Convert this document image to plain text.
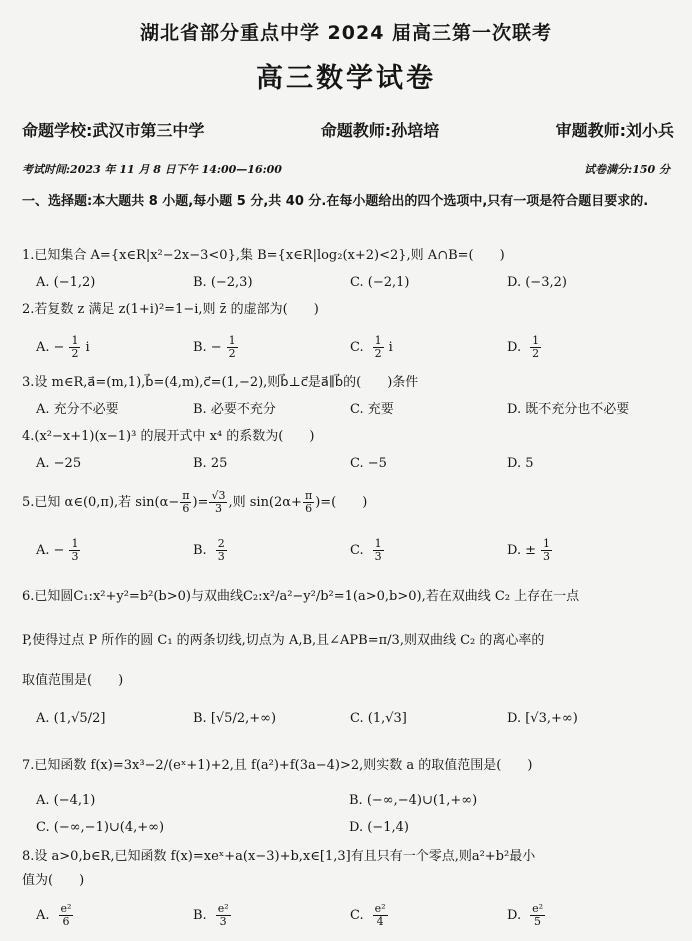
湖北省部分重点中学 2024 届高三第一次联考
高三数学试卷
命题学校:武汉市第三中学	命题教师:孙培培	审题教师:刘小兵
考试时间:2023 年 11 月 8 日下午 14:00—16:00	试卷满分:150 分
一、选择题:本大题共 8 小题,每小题 5 分,共 40 分.在每小题给出的四个选项中,只有一项是符合题目要求的.
1.已知集合 A={x∈R|x²−2x−3<0},集 B={x∈R|log₂(x+2)<2},则 A∩B=(　　)
A. (−1,2)	B. (−2,3)	C. (−2,1)	D. (−3,2)
2.若复数 z 满足 z(1+i)²=1−i,则 z̄ 的虚部为(　　)
A. − $\frac{1}{2}$ i	B. − $\frac{1}{2}$	C. $\frac{1}{2}$ i	D. $\frac{1}{2}$
3.设 m∈R,a⃗=(m,1),b⃗=(4,m),c⃗=(1,−2),则b⃗⊥c⃗是a⃗∥b⃗的(　　)条件
A. 充分不必要	B. 必要不充分	C. 充要	D. 既不充分也不必要
4.(x²−x+1)(x−1)³ 的展开式中 x⁴ 的系数为(　　)
A. −25	B. 25	C. −5	D. 5
5.已知 α∈(0,π),若 $\sin(\alpha- \frac{\pi}{6}$ )= $\frac{√3}{3}$ ,则 $\sin(2\alpha+ \frac{\pi}{6}$ )=(　　)
A. − $\frac{1}{3}$	B. $\frac{2}{3}$	C. $\frac{1}{3}$	D. ± $\frac{1}{3}$
6.已知圆C₁:x²+y²=b²(b>0)与双曲线C₂:x²/a²−y²/b²=1(a>0,b>0),若在双曲线 C₂ 上存在一点
P,使得过点 P 所作的圆 C₁ 的两条切线,切点为 A,B,且∠APB=π/3,则双曲线 C₂ 的离心率的
取值范围是(　　)
A. (1,√5/2]	B. [√5/2,+∞)	C. (1,√3]	D. [√3,+∞)
7.已知函数 f(x)=3x³−2/(eˣ+1)+2,且 f(a²)+f(3a−4)>2,则实数 a 的取值范围是(　　)
A. (−4,1)	B. (−∞,−4)∪(1,+∞)
C. (−∞,−1)∪(4,+∞)	D. (−1,4)
8.设 a>0,b∈R,已知函数 f(x)=xeˣ+a(x−3)+b,x∈[1,3]有且只有一个零点,则a²+b²最小
值为(　　)
A. $\frac{\text{e²}}{6}$	B. $\frac{\text{e²}}{3}$	C. $\frac{\text{e²}}{4}$	D. $\frac{\text{e²}}{5}$
